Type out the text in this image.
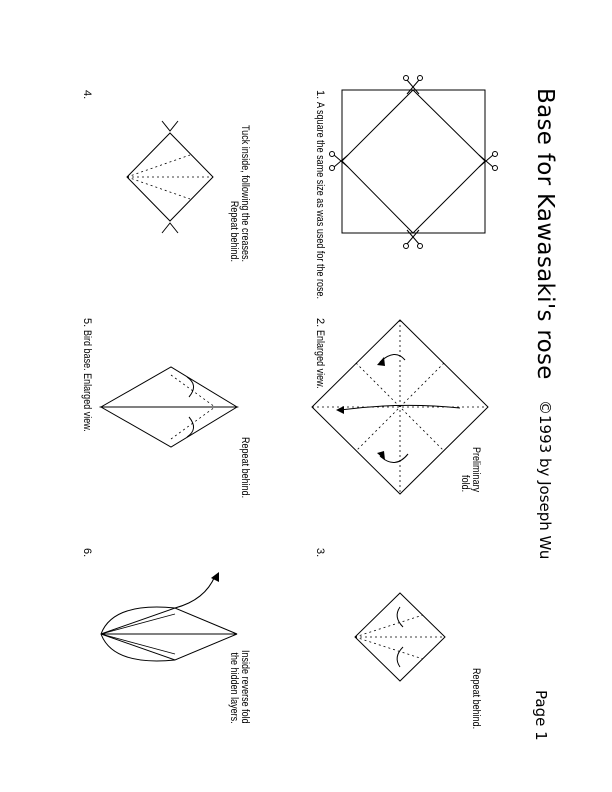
Base for Kawasaki's rose
©1993 by Joseph Wu
Page 1
1.
A square the same size as was used for the rose.
2.
Enlarged view.
Preliminary
fold.
3.
Repeat behind.
4.
Tuck inside, following the creases.
Repeat behind.
5.
Bird base. Enlarged view.
Repeat behind.
6.
Inside reverse fold
the hidden layers.
